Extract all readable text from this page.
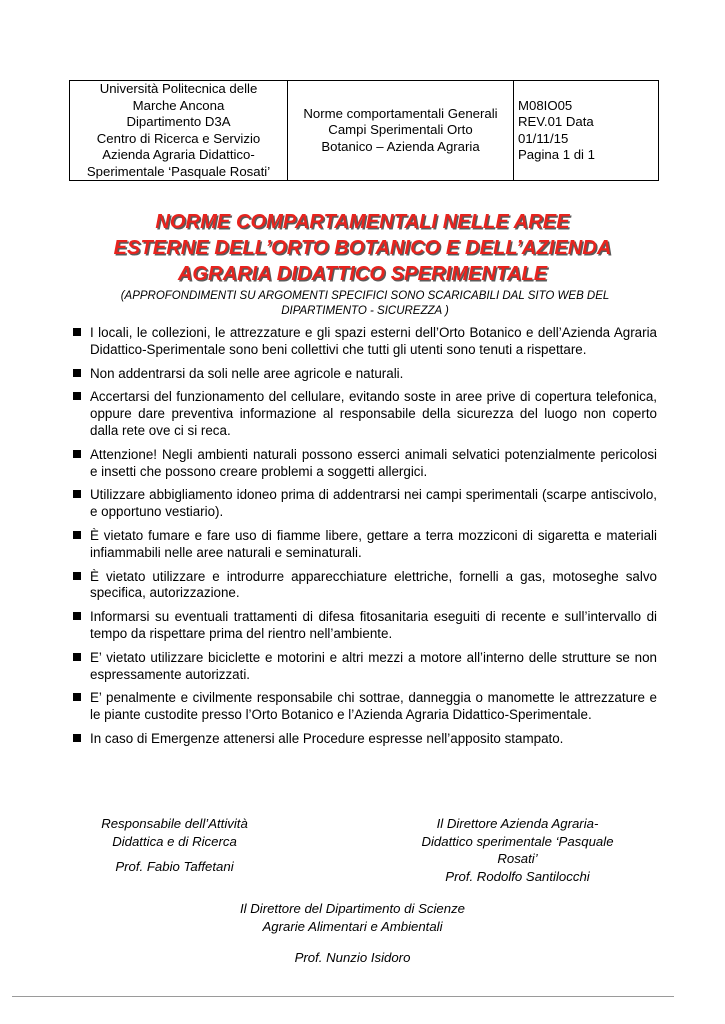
Università Politecnica delle
Marche Ancona
Dipartimento D3A
Centro di Ricerca e Servizio
Azienda Agraria Didattico-
Sperimentale ‘Pasquale Rosati’

Norme comportamentali Generali
Campi Sperimentali Orto
Botanico – Azienda Agraria

M08IO05
REV.01 Data
01/11/15
Pagina 1 di 1
NORME COMPARTAMENTALI NELLE AREE
ESTERNE DELL’ORTO BOTANICO E DELL’AZIENDA
AGRARIA DIDATTICO SPERIMENTALE
(APPROFONDIMENTI SU ARGOMENTI SPECIFICI SONO SCARICABILI DAL SITO WEB DEL
DIPARTIMENTO - SICUREZZA )
I locali, le collezioni, le attrezzature e gli spazi esterni dell’Orto Botanico e dell’Azienda Agraria Didattico-Sperimentale sono beni collettivi che tutti gli utenti sono tenuti a rispettare.
Non addentrarsi da soli nelle aree agricole e naturali.
Accertarsi del funzionamento del cellulare, evitando soste in aree prive di copertura telefonica, oppure dare preventiva informazione al responsabile della sicurezza del luogo non coperto dalla rete ove ci si reca.
Attenzione! Negli ambienti naturali possono esserci animali selvatici potenzialmente pericolosi e insetti che possono creare problemi a soggetti allergici.
Utilizzare abbigliamento idoneo prima di addentrarsi nei campi sperimentali (scarpe antiscivolo, e opportuno vestiario).
È vietato fumare e fare uso di fiamme libere, gettare a terra mozziconi di sigaretta e materiali infiammabili nelle aree naturali e seminaturali.
È vietato utilizzare e introdurre apparecchiature elettriche, fornelli a gas, motoseghe salvo specifica, autorizzazione.
Informarsi su eventuali trattamenti di difesa fitosanitaria eseguiti di recente e sull’intervallo di tempo da rispettare prima del rientro nell’ambiente.
E’ vietato utilizzare biciclette e motorini e altri mezzi a motore all’interno delle strutture se non espressamente autorizzati.
E’ penalmente e civilmente responsabile chi sottrae, danneggia o manomette le attrezzature e le piante custodite presso l’Orto Botanico e l’Azienda Agraria Didattico-Sperimentale.
In caso di Emergenze attenersi alle Procedure espresse nell’apposito stampato.
Responsabile dell’Attività
Didattica e di Ricerca
Prof. Fabio Taffetani
Il Direttore Azienda Agraria-
Didattico sperimentale ‘Pasquale
Rosati’
Prof. Rodolfo Santilocchi
Il Direttore del Dipartimento di Scienze
Agrarie Alimentari e Ambientali
Prof. Nunzio Isidoro
